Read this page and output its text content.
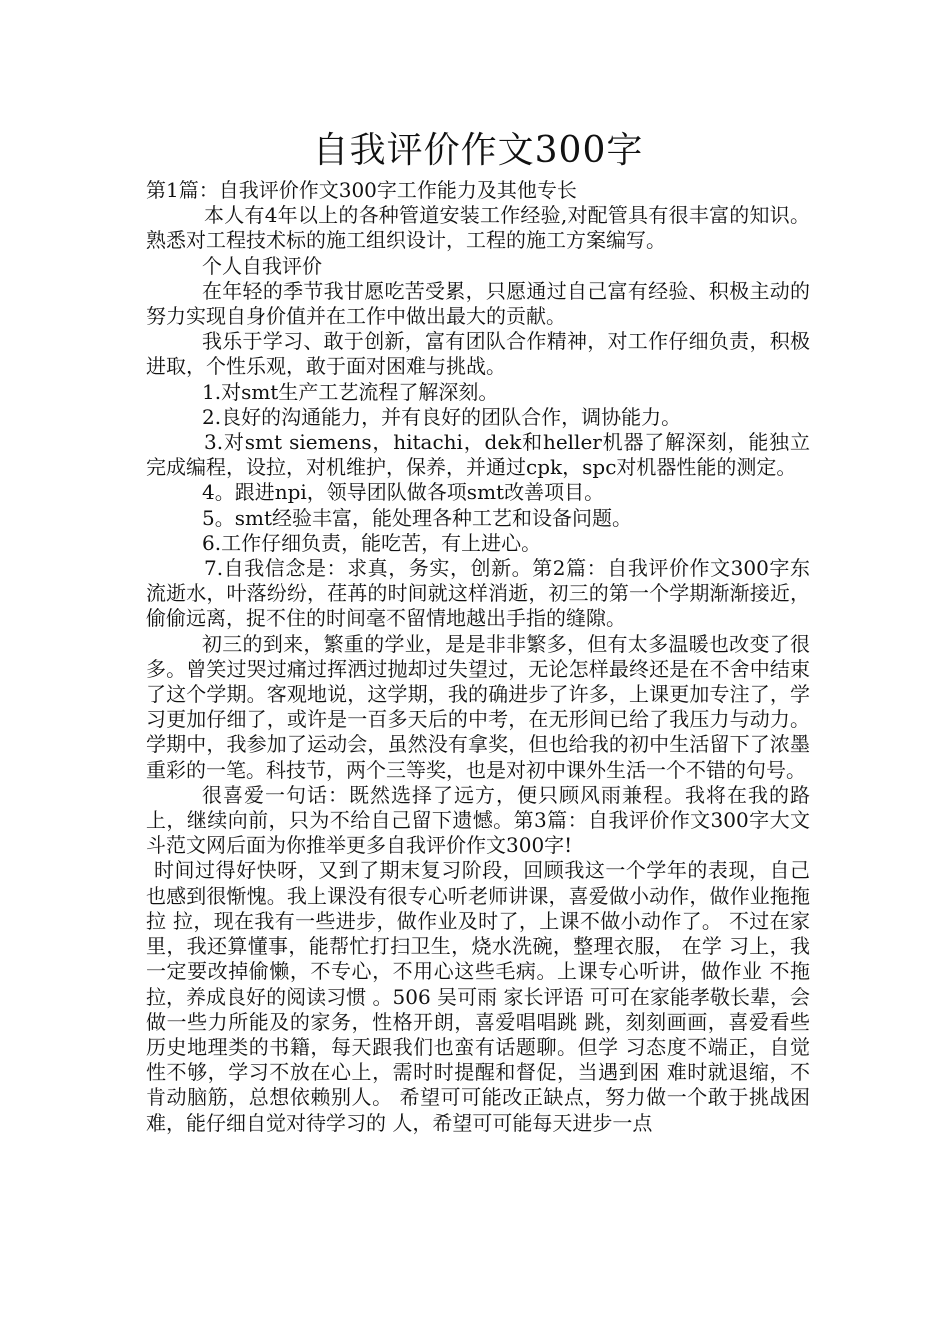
自我评价作文300字

第1篇：自我评价作文300字工作能力及其他专长

本人有4年以上的各种管道安装工作经验,对配管具有很丰富的知识。熟悉对工程技术标的施工组织设计，工程的施工方案编写。

个人自我评价

在年轻的季节我甘愿吃苦受累，只愿通过自己富有经验、积极主动的努力实现自身价值并在工作中做出最大的贡献。

我乐于学习、敢于创新，富有团队合作精神，对工作仔细负责，积极进取，个性乐观，敢于面对困难与挑战。

1.对smt生产工艺流程了解深刻。

2.良好的沟通能力，并有良好的团队合作，调协能力。

3.对smt siemens，hitachi，dek和heller机器了解深刻，能独立完成编程，设拉，对机维护，保养，并通过cpk，spc对机器性能的测定。

4。跟进npi，领导团队做各项smt改善项目。

5。smt经验丰富，能处理各种工艺和设备问题。

6.工作仔细负责，能吃苦，有上进心。

7.自我信念是：求真，务实，创新。第2篇：自我评价作文300字东流逝水，叶落纷纷，荏苒的时间就这样消逝，初三的第一个学期渐渐接近，偷偷远离，捉不住的时间毫不留情地越出手指的缝隙。

初三的到来，繁重的学业，是是非非繁多，但有太多温暖也改变了很多。曾笑过哭过痛过挥洒过抛却过失望过，无论怎样最终还是在不舍中结束了这个学期。客观地说，这学期，我的确进步了许多，上课更加专注了，学习更加仔细了，或许是一百多天后的中考，在无形间已给了我压力与动力。学期中，我参加了运动会，虽然没有拿奖，但也给我的初中生活留下了浓墨重彩的一笔。科技节，两个三等奖，也是对初中课外生活一个不错的句号。

很喜爱一句话：既然选择了远方，便只顾风雨兼程。我将在我的路上，继续向前，只为不给自己留下遗憾。第3篇：自我评价作文300字大文斗范文网后面为你推举更多自我评价作文300字!

时间过得好快呀，又到了期末复习阶段，回顾我这一个学年的表现，自己 也感到很惭愧。我上课没有很专心听老师讲课，喜爱做小动作，做作业拖拖拉 拉，现在我有一些进步，做作业及时了，上课不做小动作了。 不过在家里，我还算懂事，能帮忙打扫卫生，烧水洗碗，整理衣服， 在学 习上，我一定要改掉偷懒，不专心，不用心这些毛病。上课专心听讲，做作业 不拖拉，养成良好的阅读习惯 。506 吴可雨 家长评语 可可在家能孝敬长辈，会做一些力所能及的家务，性格开朗，喜爱唱唱跳 跳，刻刻画画，喜爱看些历史地理类的书籍，每天跟我们也蛮有话题聊。但学 习态度不端正，自觉性不够，学习不放在心上，需时时提醒和督促，当遇到困 难时就退缩，不肯动脑筋，总想依赖别人。 希望可可能改正缺点，努力做一个敢于挑战困难，能仔细自觉对待学习的 人，希望可可能每天进步一点
